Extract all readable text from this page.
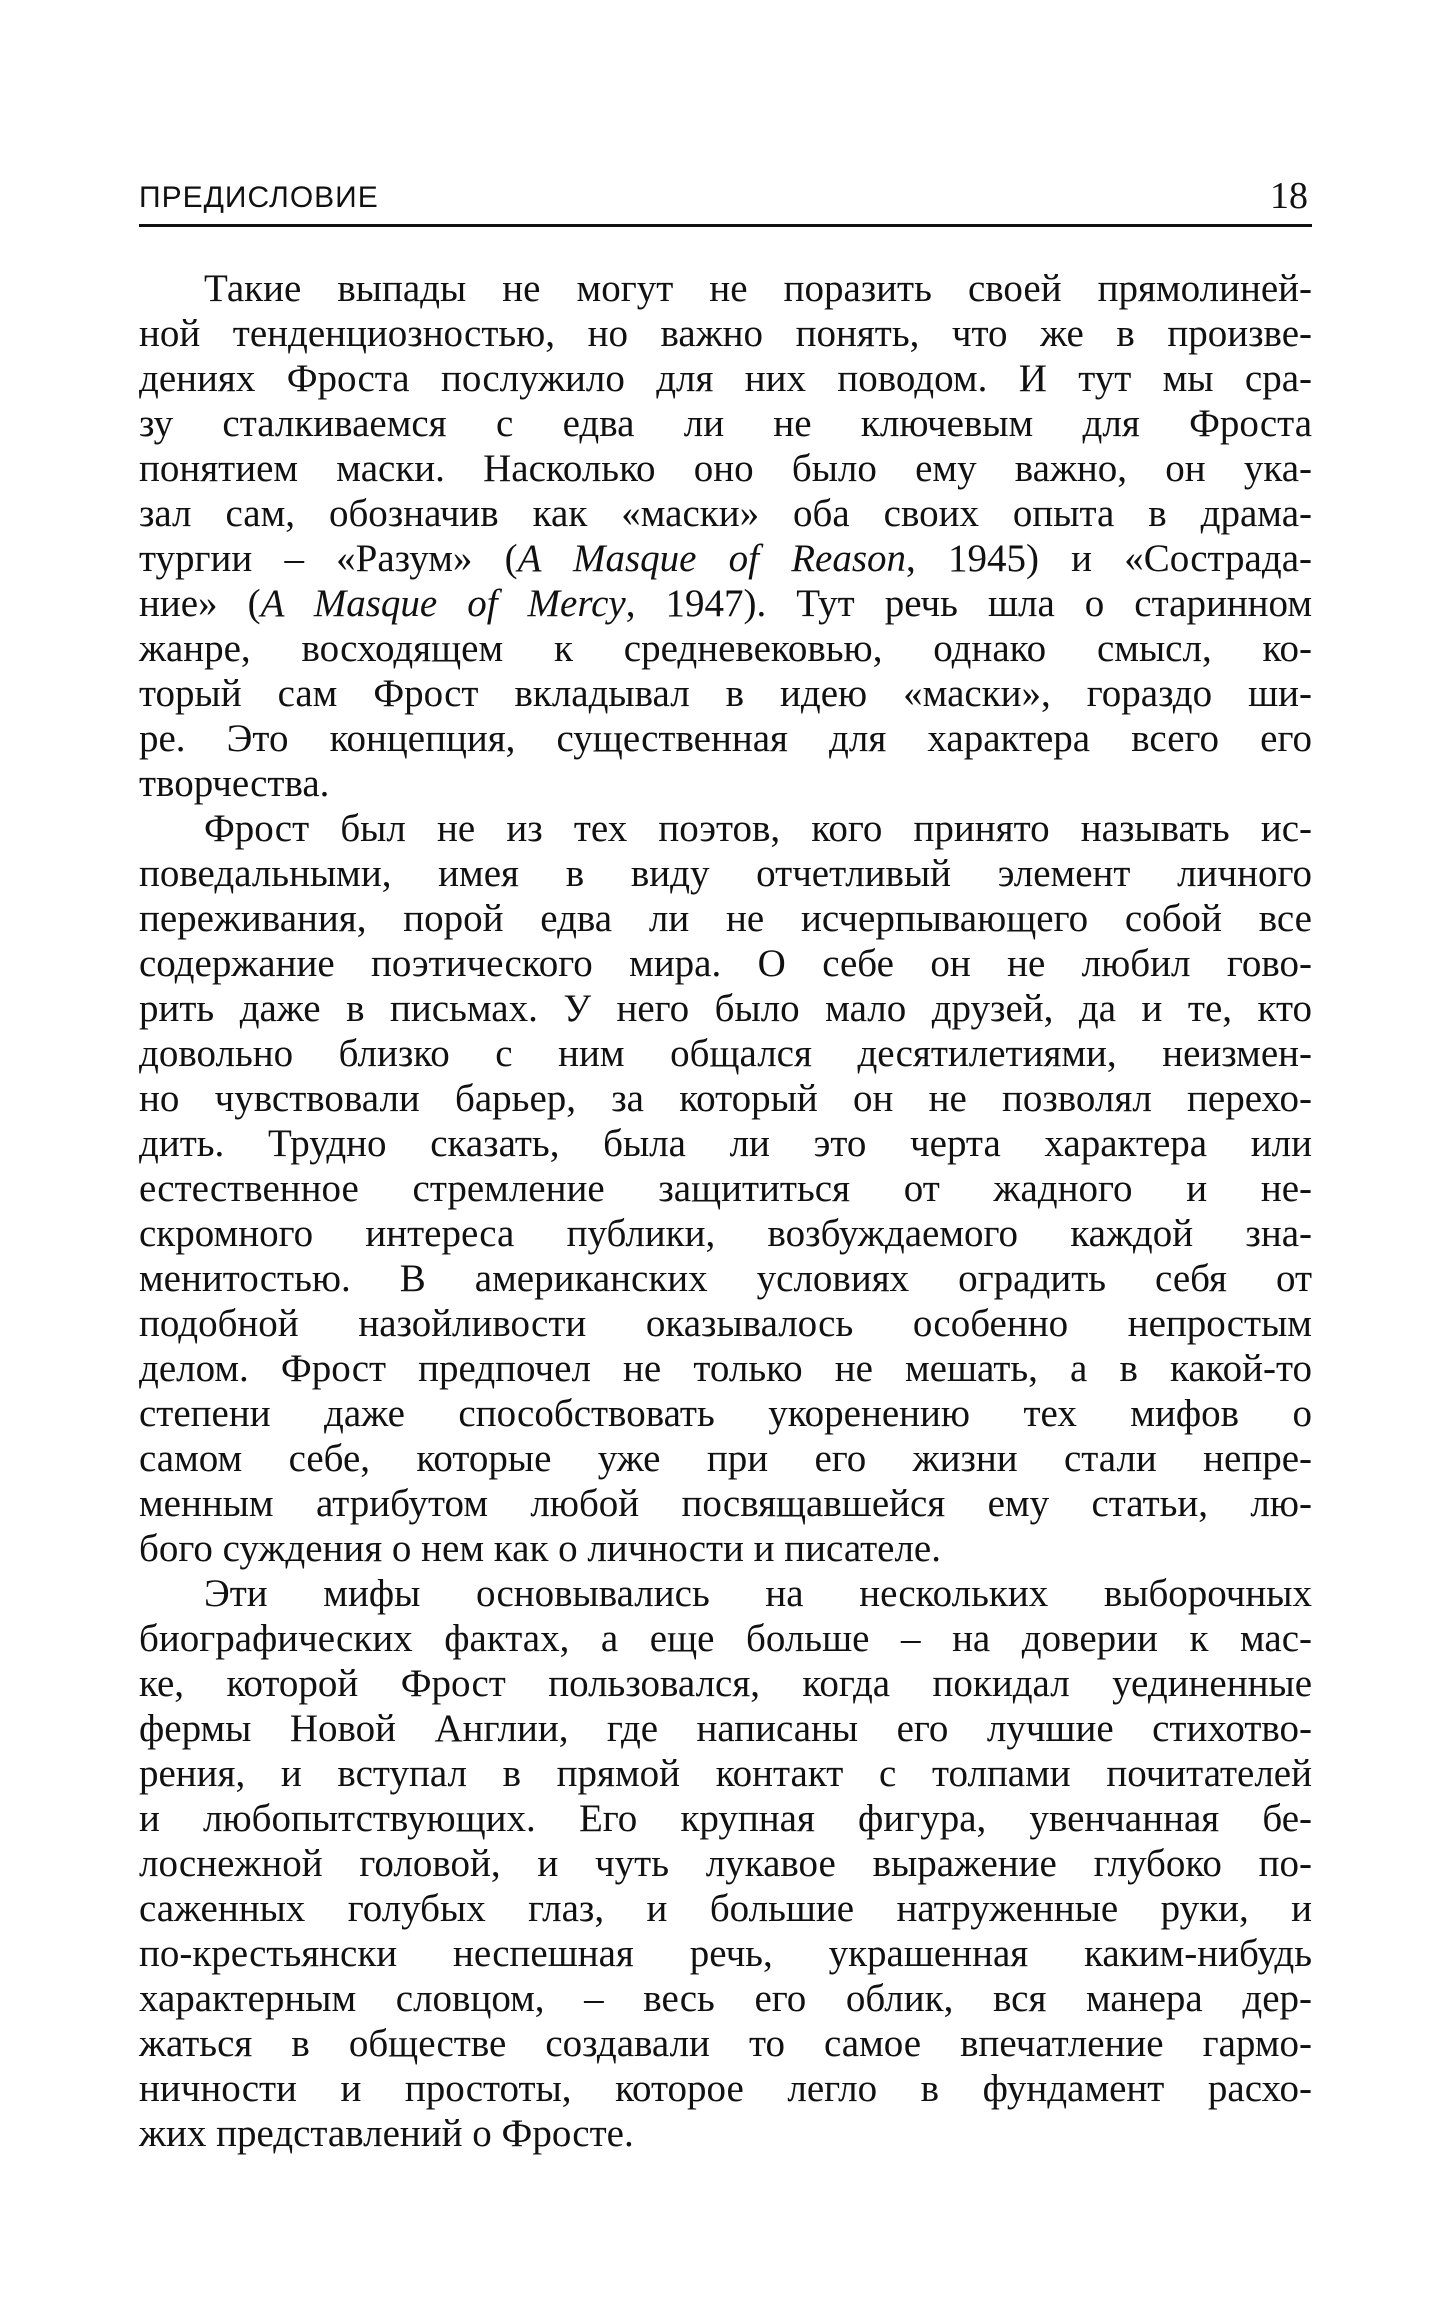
ПРЕДИСЛОВИЕ	18
Такие выпады не могут не поразить своей прямолиней-
ной тенденциозностью, но важно понять, что же в произве-
дениях Фроста послужило для них поводом. И тут мы сра-
зу сталкиваемся с едва ли не ключевым для Фроста
понятием маски. Насколько оно было ему важно, он ука-
зал сам, обозначив как «маски» оба своих опыта в драма-
тургии – «Разум» (A Masque of Reason, 1945) и «Сострада-
ние» (A Masque of Mercy, 1947). Тут речь шла о старинном
жанре, восходящем к средневековью, однако смысл, ко-
торый сам Фрост вкладывал в идею «маски», гораздо ши-
ре. Это концепция, существенная для характера всего его
творчества.
Фрост был не из тех поэтов, кого принято называть ис-
поведальными, имея в виду отчетливый элемент личного
переживания, порой едва ли не исчерпывающего собой все
содержание поэтического мира. О себе он не любил гово-
рить даже в письмах. У него было мало друзей, да и те, кто
довольно близко с ним общался десятилетиями, неизмен-
но чувствовали барьер, за который он не позволял перехо-
дить. Трудно сказать, была ли это черта характера или
естественное стремление защититься от жадного и не-
скромного интереса публики, возбуждаемого каждой зна-
менитостью. В американских условиях оградить себя от
подобной назойливости оказывалось особенно непростым
делом. Фрост предпочел не только не мешать, а в какой-то
степени даже способствовать укоренению тех мифов о
самом себе, которые уже при его жизни стали непре-
менным атрибутом любой посвящавшейся ему статьи, лю-
бого суждения о нем как о личности и писателе.
Эти мифы основывались на нескольких выборочных
биографических фактах, а еще больше – на доверии к мас-
ке, которой Фрост пользовался, когда покидал уединенные
фермы Новой Англии, где написаны его лучшие стихотво-
рения, и вступал в прямой контакт с толпами почитателей
и любопытствующих. Его крупная фигура, увенчанная бе-
лоснежной головой, и чуть лукавое выражение глубоко по-
саженных голубых глаз, и большие натруженные руки, и
по-крестьянски неспешная речь, украшенная каким-нибудь
характерным словцом, – весь его облик, вся манера дер-
жаться в обществе создавали то самое впечатление гармо-
ничности и простоты, которое легло в фундамент расхо-
жих представлений о Фросте.
